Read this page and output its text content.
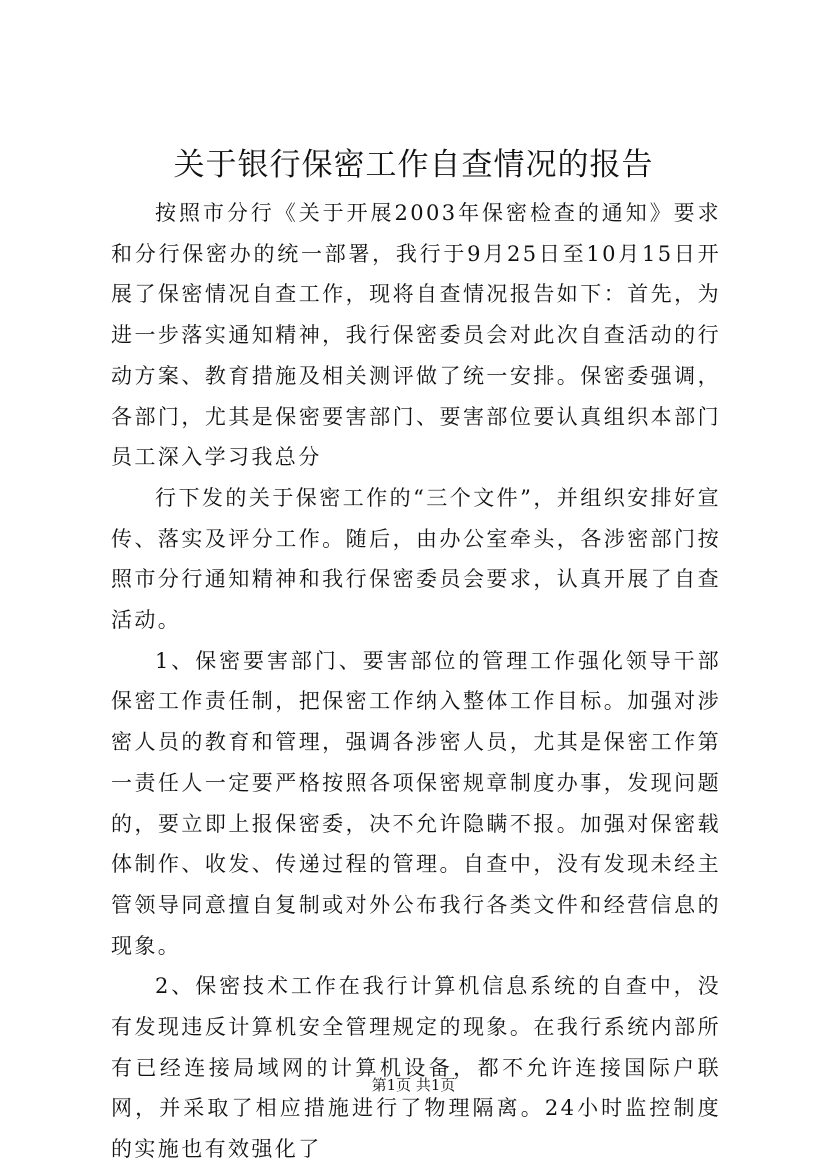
关于银行保密工作自查情况的报告

按照市分行《关于开展2003年保密检查的通知》要求和分行保密办的统一部署，我行于9月25日至10月15日开展了保密情况自查工作，现将自查情况报告如下：首先，为进一步落实通知精神，我行保密委员会对此次自查活动的行动方案、教育措施及相关测评做了统一安排。保密委强调，各部门，尤其是保密要害部门、要害部位要认真组织本部门员工深入学习我总分

行下发的关于保密工作的“三个文件”，并组织安排好宣传、落实及评分工作。随后，由办公室牵头，各涉密部门按照市分行通知精神和我行保密委员会要求，认真开展了自查活动。

1、保密要害部门、要害部位的管理工作强化领导干部保密工作责任制，把保密工作纳入整体工作目标。加强对涉密人员的教育和管理，强调各涉密人员，尤其是保密工作第一责任人一定要严格按照各项保密规章制度办事，发现问题的，要立即上报保密委，决不允许隐瞒不报。加强对保密载体制作、收发、传递过程的管理。自查中，没有发现未经主管领导同意擅自复制或对外公布我行各类文件和经营信息的现象。

2、保密技术工作在我行计算机信息系统的自查中，没有发现违反计算机安全管理规定的现象。在我行系统内部所有已经连接局域网的计算机设备，都不允许连接国际户联网，并采取了相应措施进行了物理隔离。24小时监控制度的实施也有效强化了

第1页 共1页
